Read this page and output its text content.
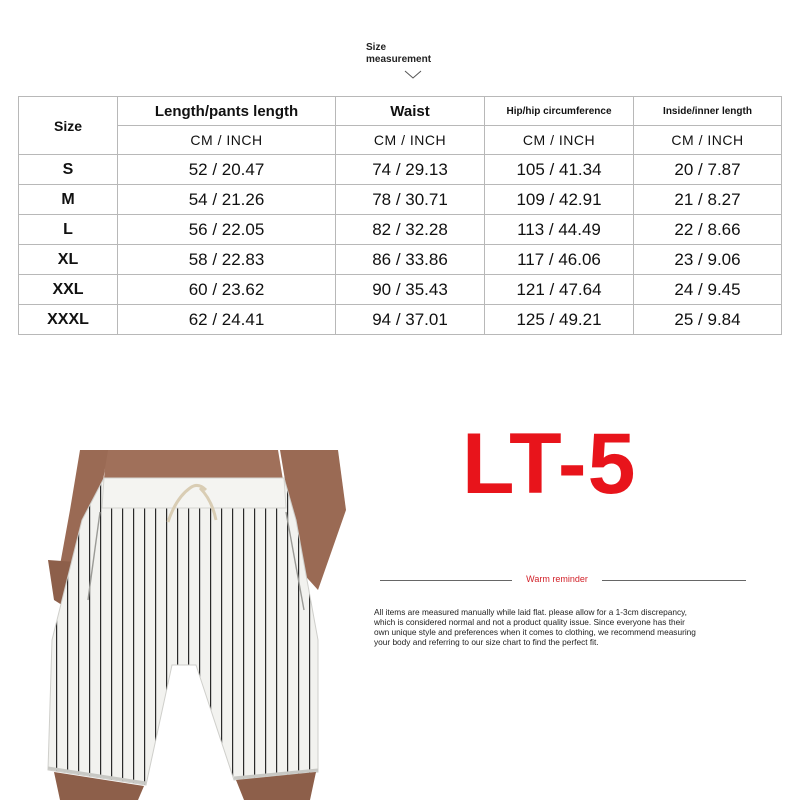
Size
measurement
Size	Length/pants length	Waist	Hip/hip circumference	Inside/inner length
	CM / INCH	CM / INCH	CM / INCH	CM / INCH
S	52 / 20.47	74 / 29.13	105 / 41.34	20 / 7.87
M	54 / 21.26	78 / 30.71	109 / 42.91	21 / 8.27
L	56 / 22.05	82 / 32.28	113 / 44.49	22 / 8.66
XL	58 / 22.83	86 / 33.86	117 / 46.06	23 / 9.06
XXL	60 / 23.62	90 / 35.43	121 / 47.64	24 / 9.45
XXXL	62 / 24.41	94 / 37.01	125 / 49.21	25 / 9.84
LT-5
Warm reminder
All items are measured manually while laid flat. please allow for a 1-3cm discrepancy,
which is considered normal and not a product quality issue. Since everyone has their
own unique style and preferences when it comes to clothing, we recommend measuring
your body and referring to our size chart to find the perfect fit.
